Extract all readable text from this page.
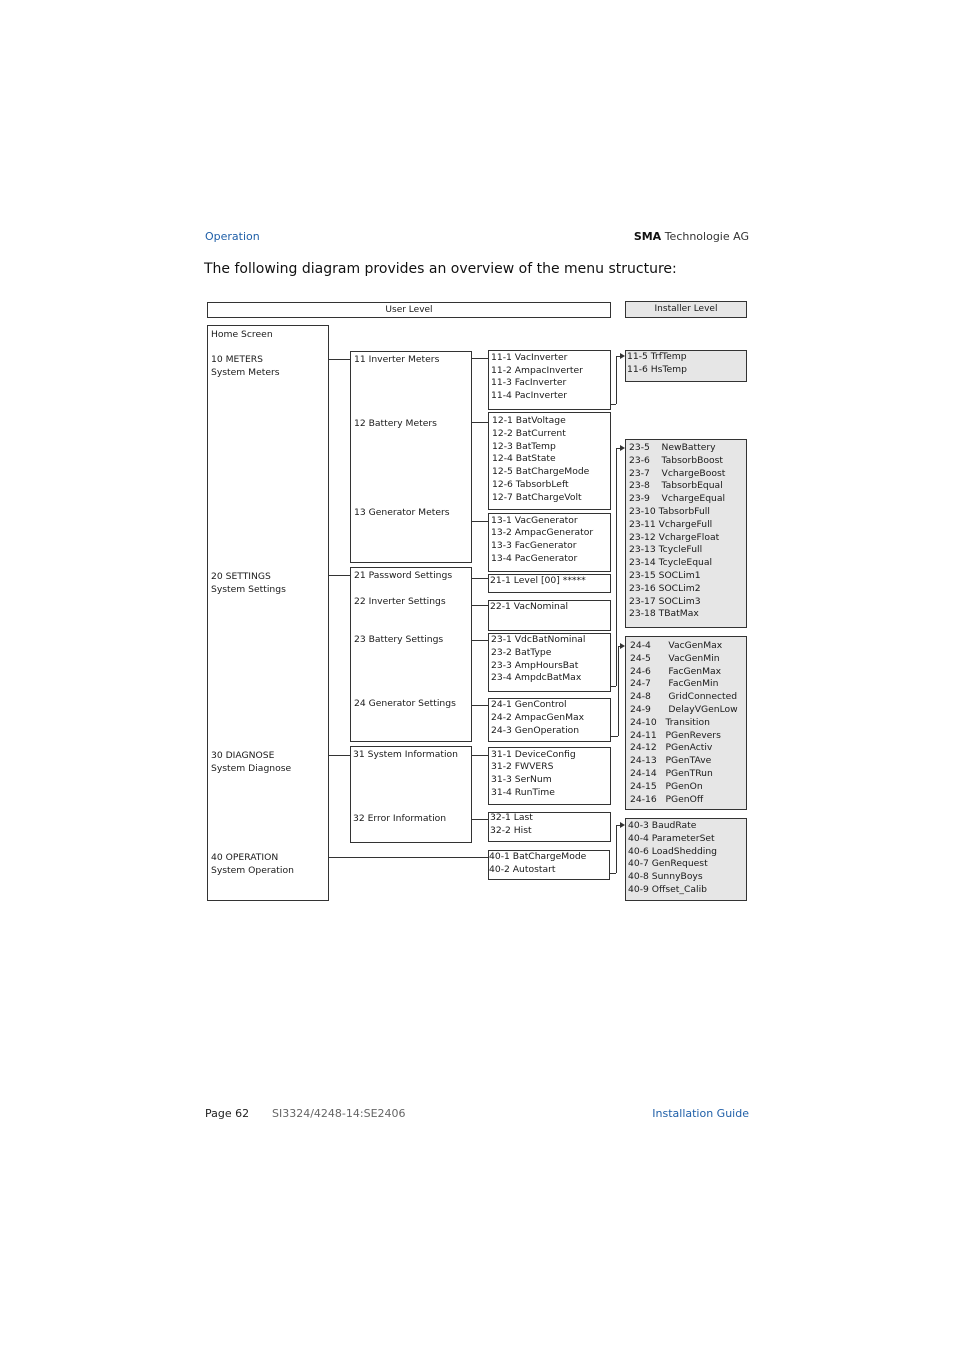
Operation	SMA Technologie AG
The following diagram provides an overview of the menu structure:
User Level	Installer Level
Home Screen
10 METERS
System Meters
20 SETTINGS
System Settings
30 DIAGNOSE
System Diagnose
40 OPERATION
System Operation
11 Inverter Meters
12 Battery Meters
13 Generator Meters
21 Password Settings
22 Inverter Settings
23 Battery Settings
24 Generator Settings
31 System Information
32 Error Information
11-1 VacInverter
11-2 AmpacInverter
11-3 FacInverter
11-4 PacInverter
12-1 BatVoltage
12-2 BatCurrent
12-3 BatTemp
12-4 BatState
12-5 BatChargeMode
12-6 TabsorbLeft
12-7 BatChargeVolt
13-1 VacGenerator
13-2 AmpacGenerator
13-3 FacGenerator
13-4 PacGenerator
21-1 Level [00] *****
22-1 VacNominal
23-1 VdcBatNominal
23-2 BatType
23-3 AmpHoursBat
23-4 AmpdcBatMax
24-1 GenControl
24-2 AmpacGenMax
24-3 GenOperation
31-1 DeviceConfig
31-2 FWVERS
31-3 SerNum
31-4 RunTime
32-1 Last
32-2 Hist
40-1 BatChargeMode
40-2 Autostart
11-5 TrfTemp
11-6 HsTemp
23-5    NewBattery
23-6    TabsorbBoost
23-7    VchargeBoost
23-8    TabsorbEqual
23-9    VchargeEqual
23-10 TabsorbFull
23-11 VchargeFull
23-12 VchargeFloat
23-13 TcycleFull
23-14 TcycleEqual
23-15 SOCLim1
23-16 SOCLim2
23-17 SOCLim3
23-18 TBatMax
24-4      VacGenMax
24-5      VacGenMin
24-6      FacGenMax
24-7      FacGenMin
24-8      GridConnected
24-9      DelayVGenLow
24-10   Transition
24-11   PGenRevers
24-12   PGenActiv
24-13   PGenTAve
24-14   PGenTRun
24-15   PGenOn
24-16   PGenOff
40-3 BaudRate
40-4 ParameterSet
40-6 LoadShedding
40-7 GenRequest
40-8 SunnyBoys
40-9 Offset_Calib
Page 62 SI3324/4248-14:SE2406	Installation Guide
